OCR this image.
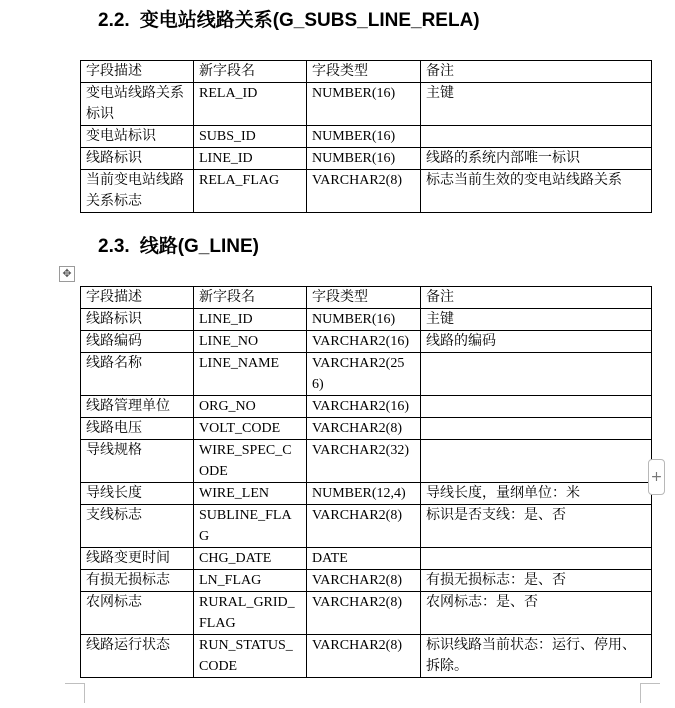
2.2. 变电站线路关系(G_SUBS_LINE_RELA)
字段描述	新字段名	字段类型	备注
变电站线路关系标识	RELA_ID	NUMBER(16)	主键
变电站标识	SUBS_ID	NUMBER(16)	
线路标识	LINE_ID	NUMBER(16)	线路的系统内部唯一标识
当前变电站线路关系标志	RELA_FLAG	VARCHAR2(8)	标志当前生效的变电站线路关系
2.3. 线路(G_LINE)
✥
字段描述	新字段名	字段类型	备注
线路标识	LINE_ID	NUMBER(16)	主键
线路编码	LINE_NO	VARCHAR2(16)	线路的编码
线路名称	LINE_NAME	VARCHAR2(256)	
线路管理单位	ORG_NO	VARCHAR2(16)	
线路电压	VOLT_CODE	VARCHAR2(8)	
导线规格	WIRE_SPEC_CODE	VARCHAR2(32)	
导线长度	WIRE_LEN	NUMBER(12,4)	导线长度，量纲单位：米
支线标志	SUBLINE_FLAG	VARCHAR2(8)	标识是否支线：是、否
线路变更时间	CHG_DATE	DATE	
有损无损标志	LN_FLAG	VARCHAR2(8)	有损无损标志：是、否
农网标志	RURAL_GRID_FLAG	VARCHAR2(8)	农网标志：是、否
线路运行状态	RUN_STATUS_CODE	VARCHAR2(8)	标识线路当前状态：运行、停用、拆除。
+
